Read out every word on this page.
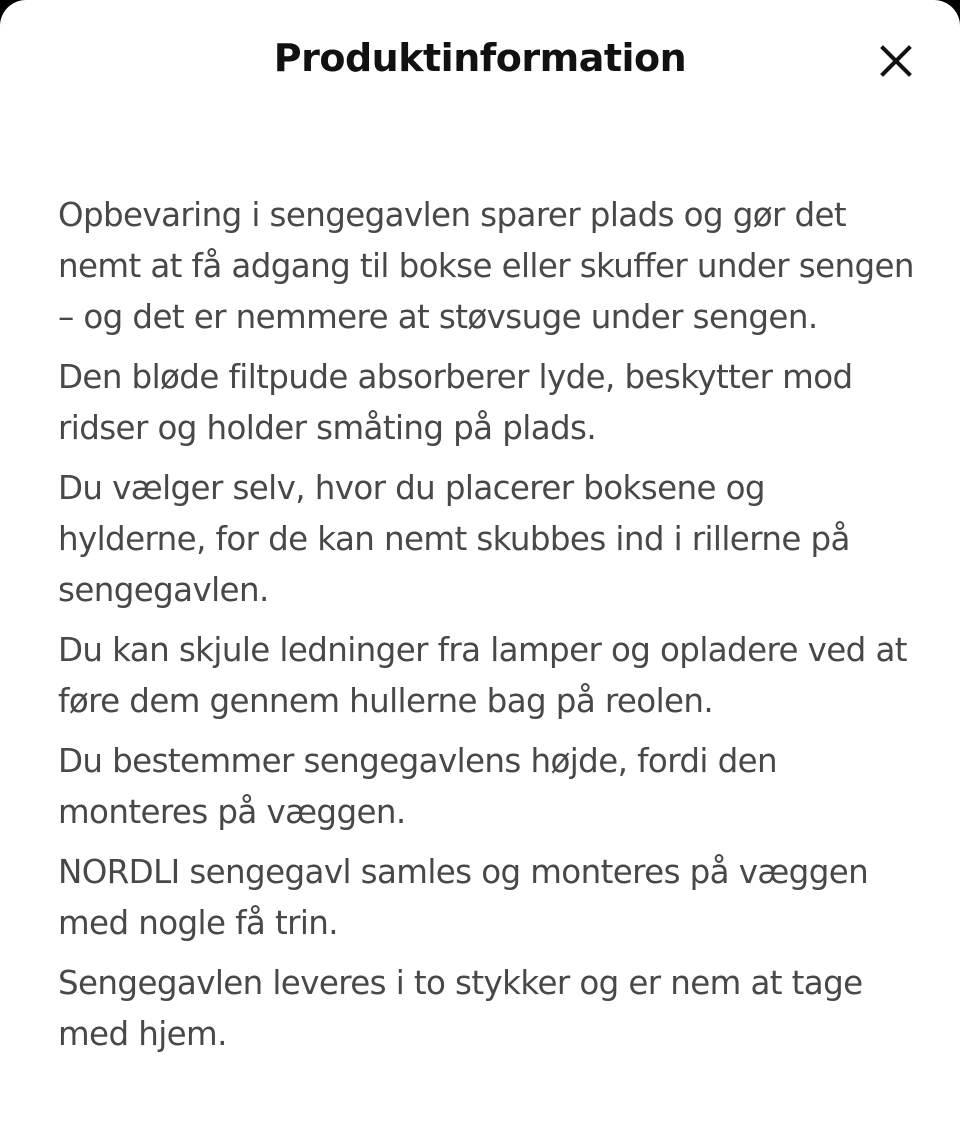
Produktinformation

Opbevaring i sengegavlen sparer plads og gør det nemt at få adgang til bokse eller skuffer under sengen – og det er nemmere at støvsuge under sengen.

Den bløde filtpude absorberer lyde, beskytter mod ridser og holder småting på plads.

Du vælger selv, hvor du placerer boksene og hylderne, for de kan nemt skubbes ind i rillerne på sengegavlen.

Du kan skjule ledninger fra lamper og opladere ved at føre dem gennem hullerne bag på reolen.

Du bestemmer sengegavlens højde, fordi den monteres på væggen.

NORDLI sengegavl samles og monteres på væggen med nogle få trin.

Sengegavlen leveres i to stykker og er nem at tage med hjem.
